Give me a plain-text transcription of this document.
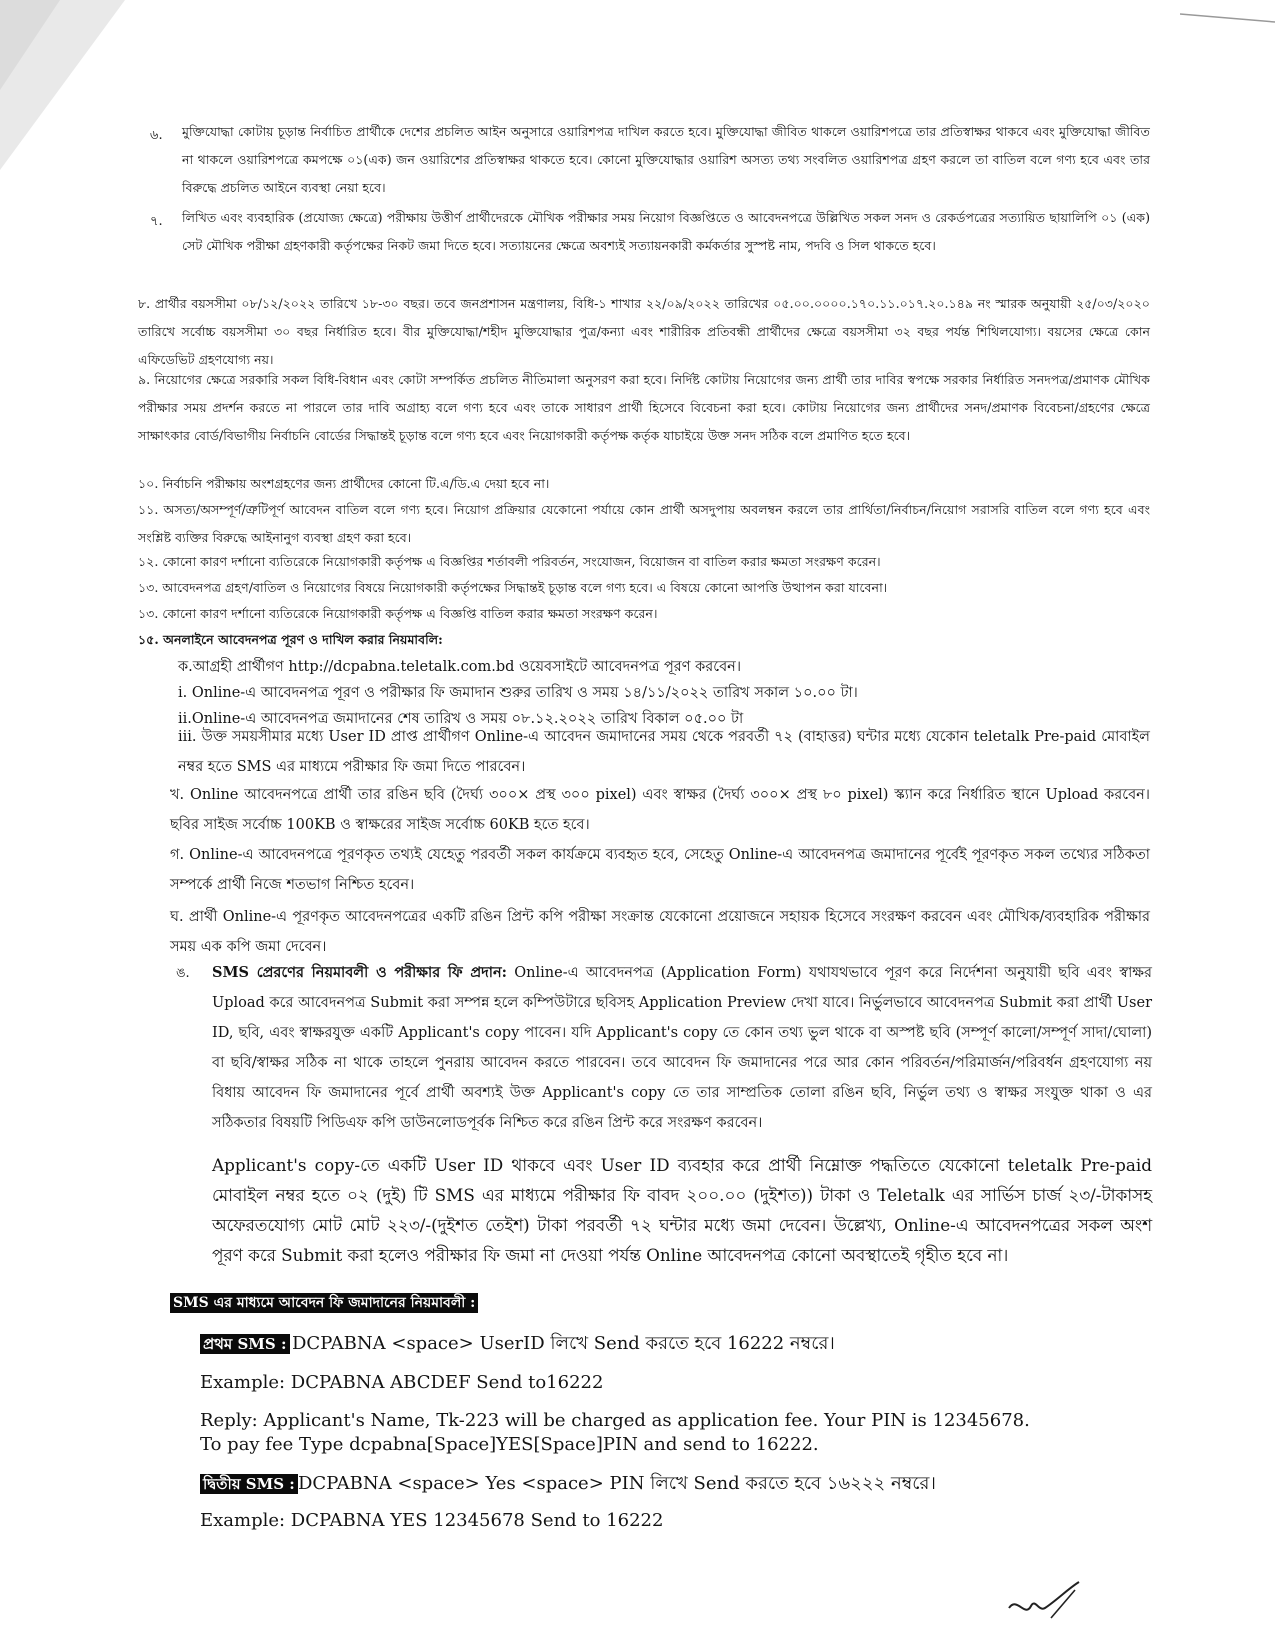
৬. মুক্তিযোদ্ধা কোটায় চূড়ান্ত নির্বাচিত প্রার্থীকে দেশের প্রচলিত আইন অনুসারে ওয়ারিশপত্র দাখিল করতে হবে। মুক্তিযোদ্ধা জীবিত থাকলে ওয়ারিশপত্রে তার প্রতিস্বাক্ষর থাকবে এবং মুক্তিযোদ্ধা জীবিত না থাকলে ওয়ারিশপত্রে কমপক্ষে ০১(এক) জন ওয়ারিশের প্রতিস্বাক্ষর থাকতে হবে। কোনো মুক্তিযোদ্ধার ওয়ারিশ অসত্য তথ্য সংবলিত ওয়ারিশপত্র গ্রহণ করলে তা বাতিল বলে গণ্য হবে এবং তার বিরুদ্ধে প্রচলিত আইনে ব্যবস্থা নেয়া হবে।
৭. লিখিত এবং ব্যবহারিক (প্রযোজ্য ক্ষেত্রে) পরীক্ষায় উত্তীর্ণ প্রার্থীদেরকে মৌখিক পরীক্ষার সময় নিয়োগ বিজ্ঞপ্তিতে ও আবেদনপত্রে উল্লিখিত সকল সনদ ও রেকর্ডপত্রের সত্যায়িত ছায়ালিপি ০১ (এক) সেট মৌখিক পরীক্ষা গ্রহণকারী কর্তৃপক্ষের নিকট জমা দিতে হবে। সত্যায়নের ক্ষেত্রে অবশ্যই সত্যায়নকারী কর্মকর্তার সুস্পষ্ট নাম, পদবি ও সিল থাকতে হবে।
৮. প্রার্থীর বয়সসীমা ০৮/১২/২০২২ তারিখে ১৮-৩০ বছর। তবে জনপ্রশাসন মন্ত্রণালয়, বিধি-১ শাখার ২২/০৯/২০২২ তারিখের ০৫.০০.০০০০.১৭০.১১.০১৭.২০.১৪৯ নং স্মারক অনুযায়ী ২৫/০৩/২০২০ তারিখে সর্বোচ্চ বয়সসীমা ৩০ বছর নির্ধারিত হবে। বীর মুক্তিযোদ্ধা/শহীদ মুক্তিযোদ্ধার পুত্র/কন্যা এবং শারীরিক প্রতিবন্ধী প্রার্থীদের ক্ষেত্রে বয়সসীমা ৩২ বছর পর্যন্ত শিথিলযোগ্য। বয়সের ক্ষেত্রে কোন এফিডেভিট গ্রহণযোগ্য নয়।
৯. নিয়োগের ক্ষেত্রে সরকারি সকল বিধি-বিধান এবং কোটা সম্পর্কিত প্রচলিত নীতিমালা অনুসরণ করা হবে। নির্দিষ্ট কোটায় নিয়োগের জন্য প্রার্থী তার দাবির স্বপক্ষে সরকার নির্ধারিত সনদপত্র/প্রমাণক মৌখিক পরীক্ষার সময় প্রদর্শন করতে না পারলে তার দাবি অগ্রাহ্য বলে গণ্য হবে এবং তাকে সাধারণ প্রার্থী হিসেবে বিবেচনা করা হবে। কোটায় নিয়োগের জন্য প্রার্থীদের সনদ/প্রমাণক বিবেচনা/গ্রহণের ক্ষেত্রে সাক্ষাৎকার বোর্ড/বিভাগীয় নির্বাচনি বোর্ডের সিদ্ধান্তই চূড়ান্ত বলে গণ্য হবে এবং নিয়োগকারী কর্তৃপক্ষ কর্তৃক যাচাইয়ে উক্ত সনদ সঠিক বলে প্রমাণিত হতে হবে।
১০. নির্বাচনি পরীক্ষায় অংশগ্রহণের জন্য প্রার্থীদের কোনো টি.এ/ডি.এ দেয়া হবে না।
১১. অসত্য/অসম্পূর্ণ/ত্রুটিপূর্ণ আবেদন বাতিল বলে গণ্য হবে। নিয়োগ প্রক্রিয়ার যেকোনো পর্যায়ে কোন প্রার্থী অসদুপায় অবলম্বন করলে তার প্রার্থিতা/নির্বাচন/নিয়োগ সরাসরি বাতিল বলে গণ্য হবে এবং সংশ্লিষ্ট ব্যক্তির বিরুদ্ধে আইনানুগ ব্যবস্থা গ্রহণ করা হবে।
১২. কোনো কারণ দর্শানো ব্যতিরেকে নিয়োগকারী কর্তৃপক্ষ এ বিজ্ঞপ্তির শর্তাবলী পরিবর্তন, সংযোজন, বিয়োজন বা বাতিল করার ক্ষমতা সংরক্ষণ করেন।
১৩. আবেদনপত্র গ্রহণ/বাতিল ও নিয়োগের বিষয়ে নিয়োগকারী কর্তৃপক্ষের সিদ্ধান্তই চূড়ান্ত বলে গণ্য হবে। এ বিষয়ে কোনো আপত্তি উত্থাপন করা যাবেনা।
১৩. কোনো কারণ দর্শানো ব্যতিরেকে নিয়োগকারী কর্তৃপক্ষ এ বিজ্ঞপ্তি বাতিল করার ক্ষমতা সংরক্ষণ করেন।
১৫. অনলাইনে আবেদনপত্র পূরণ ও দাখিল করার নিয়মাবলি:
ক.আগ্রহী প্রার্থীগণ http://dcpabna.teletalk.com.bd ওয়েবসাইটে আবেদনপত্র পূরণ করবেন।
i. Online-এ আবেদনপত্র পূরণ ও পরীক্ষার ফি জমাদান শুরুর তারিখ ও সময় ১৪/১১/২০২২ তারিখ সকাল ১০.০০ টা।
ii.Online-এ আবেদনপত্র জমাদানের শেষ তারিখ ও সময় ০৮.১২.২০২২ তারিখ বিকাল ০৫.০০ টা
iii. উক্ত সময়সীমার মধ্যে User ID প্রাপ্ত প্রার্থীগণ Online-এ আবেদন জমাদানের সময় থেকে পরবর্তী ৭২ (বাহাত্তর) ঘন্টার মধ্যে যেকোন teletalk Pre-paid মোবাইল নম্বর হতে SMS এর মাধ্যমে পরীক্ষার ফি জমা দিতে পারবেন।
খ. Online আবেদনপত্রে প্রার্থী তার রঙিন ছবি (দৈর্ঘ্য ৩০০× প্রস্থ ৩০০ pixel) এবং স্বাক্ষর (দৈর্ঘ্য ৩০০× প্রস্থ ৮০ pixel) স্ক্যান করে নির্ধারিত স্থানে Upload করবেন। ছবির সাইজ সর্বোচ্চ 100KB ও স্বাক্ষরের সাইজ সর্বোচ্চ 60KB হতে হবে।
গ. Online-এ আবেদনপত্রে পূরণকৃত তথ্যই যেহেতু পরবর্তী সকল কার্যক্রমে ব্যবহৃত হবে, সেহেতু Online-এ আবেদনপত্র জমাদানের পূর্বেই পূরণকৃত সকল তথ্যের সঠিকতা সম্পর্কে প্রার্থী নিজে শতভাগ নিশ্চিত হবেন।
ঘ. প্রার্থী Online-এ পূরণকৃত আবেদনপত্রের একটি রঙিন প্রিন্ট কপি পরীক্ষা সংক্রান্ত যেকোনো প্রয়োজনে সহায়ক হিসেবে সংরক্ষণ করবেন এবং মৌখিক/ব্যবহারিক পরীক্ষার সময় এক কপি জমা দেবেন।
ঙ. SMS প্রেরণের নিয়মাবলী ও পরীক্ষার ফি প্রদান: Online-এ আবেদনপত্র (Application Form) যথাযথভাবে পূরণ করে নির্দেশনা অনুযায়ী ছবি এবং স্বাক্ষর Upload করে আবেদনপত্র Submit করা সম্পন্ন হলে কম্পিউটারে ছবিসহ Application Preview দেখা যাবে। নির্ভুলভাবে আবেদনপত্র Submit করা প্রার্থী User ID, ছবি, এবং স্বাক্ষরযুক্ত একটি Applicant's copy পাবেন। যদি Applicant's copy তে কোন তথ্য ভুল থাকে বা অস্পষ্ট ছবি (সম্পূর্ণ কালো/সম্পূর্ণ সাদা/ঘোলা) বা ছবি/স্বাক্ষর সঠিক না থাকে তাহলে পুনরায় আবেদন করতে পারবেন। তবে আবেদন ফি জমাদানের পরে আর কোন পরিবর্তন/পরিমার্জন/পরিবর্ধন গ্রহণযোগ্য নয় বিধায় আবেদন ফি জমাদানের পূর্বে প্রার্থী অবশ্যই উক্ত Applicant's copy তে তার সাম্প্রতিক তোলা রঙিন ছবি, নির্ভুল তথ্য ও স্বাক্ষর সংযুক্ত থাকা ও এর সঠিকতার বিষয়টি পিডিএফ কপি ডাউনলোডপূর্বক নিশ্চিত করে রঙিন প্রিন্ট করে সংরক্ষণ করবেন।
Applicant's copy-তে একটি User ID থাকবে এবং User ID ব্যবহার করে প্রার্থী নিম্নোক্ত পদ্ধতিতে যেকোনো teletalk Pre-paid মোবাইল নম্বর হতে ০২ (দুই) টি SMS এর মাধ্যমে পরীক্ষার ফি বাবদ ২০০.০০ (দুইশত)) টাকা ও Teletalk এর সার্ভিস চার্জ ২৩/-টাকাসহ অফেরতযোগ্য মোট মোট ২২৩/-(দুইশত তেইশ) টাকা পরবর্তী ৭২ ঘন্টার মধ্যে জমা দেবেন। উল্লেখ্য, Online-এ আবেদনপত্রের সকল অংশ পূরণ করে Submit করা হলেও পরীক্ষার ফি জমা না দেওয়া পর্যন্ত Online আবেদনপত্র কোনো অবস্থাতেই গৃহীত হবে না।
SMS এর মাধ্যমে আবেদন ফি জমাদানের নিয়মাবলী :
প্রথম SMS : DCPABNA <space> UserID লিখে Send করতে হবে 16222 নম্বরে।
Example: DCPABNA ABCDEF Send to16222
Reply: Applicant's Name, Tk-223 will be charged as application fee. Your PIN is 12345678.
To pay fee Type dcpabna[Space]YES[Space]PIN and send to 16222.
দ্বিতীয় SMS : DCPABNA <space> Yes <space> PIN লিখে Send করতে হবে ১৬২২২ নম্বরে।
Example: DCPABNA YES 12345678 Send to 16222
